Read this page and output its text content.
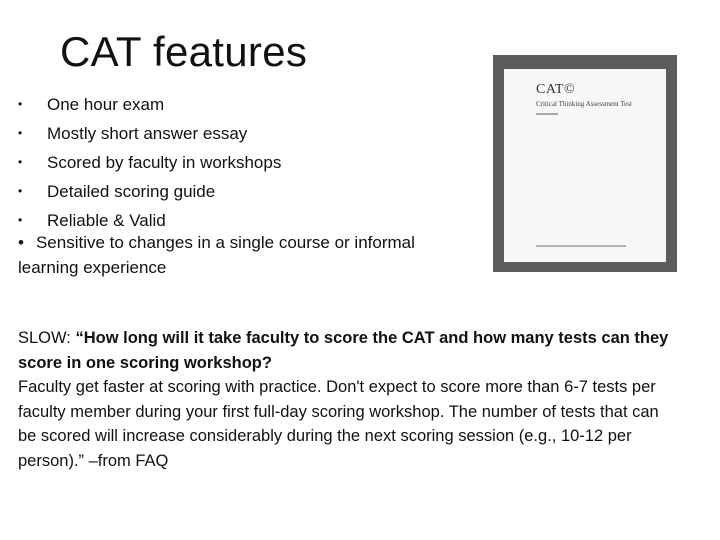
CAT features
•	One hour exam
•	Mostly short answer essay
•	Scored by faculty in workshops
•	Detailed scoring guide
•	Reliable & Valid
• Sensitive to changes in a single course or informal learning experience
CAT©
Critical Thinking Assessment Test

SLOW: “How long will it take faculty to score the CAT and how many tests can they score in one scoring workshop?
Faculty get faster at scoring with practice. Don't expect to score more than 6-7 tests per faculty member during your first full-day scoring workshop. The number of tests that can be scored will increase considerably during the next scoring session (e.g., 10-12 per person).” –from FAQ
